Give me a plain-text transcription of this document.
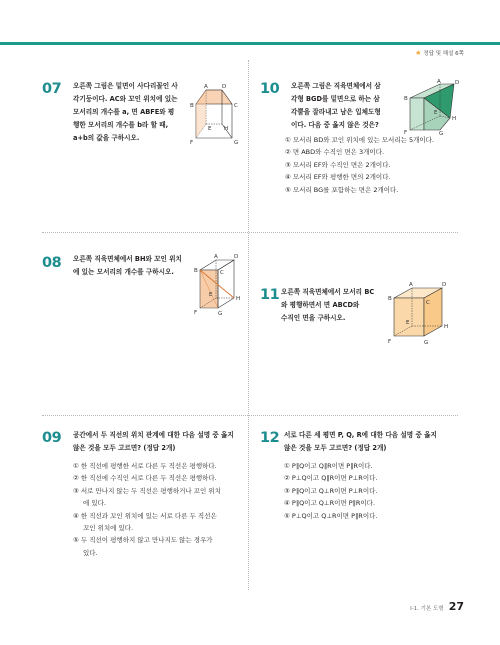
★ 정답 및 해설 6쪽
07 오른쪽 그림은 밑면이 사다리꼴인 사
각기둥이다. AC와 꼬인 위치에 있는
모서리의 개수를 a, 면 ABFE와 평
행한 모서리의 개수를 b라 할 때,
a+b의 값을 구하시오.
A	D
B	C
E H
F	G
10 오른쪽 그림은 직육면체에서 삼
각형 BGD를 밑면으로 하는 삼
각뿔을 잘라내고 남은 입체도형
이다. 다음 중 옳지 않은 것은?
A	D
B
E
H
F	G
① 모서리 BD와 꼬인 위치에 있는 모서리는 5개이다.
② 면 ABD와 수직인 면은 3개이다.
③ 모서리 EF와 수직인 면은 2개이다.
④ 모서리 EF와 평행한 면의 2개이다.
⑤ 모서리 BG를 포함하는 면은 2개이다.
08 오른쪽 직육면체에서 BH와 꼬인 위치
에 있는 모서리의 개수를 구하시오.
A	D
B	C
E
H
F	G
11 오른쪽 직육면체에서 모서리 BC
와 평행하면서 면 ABCD와
수직인 면을 구하시오.
A	D
B
C
E
H
F	G
09 공간에서 두 직선의 위치 관계에 대한 다음 설명 중 옳지
않은 것을 모두 고르면? (정답 2개)
① 한 직선에 평행한 서로 다른 두 직선은 평행하다.
② 한 직선에 수직인 서로 다른 두 직선은 평행하다.
③ 서로 만나지 않는 두 직선은 평행하거나 꼬인 위치
에 있다.
④ 한 직선과 꼬인 위치에 있는 서로 다른 두 직선은
꼬인 위치에 있다.
⑤ 두 직선이 평행하지 않고 만나지도 않는 경우가
있다.
12 서로 다른 세 평면 P, Q, R에 대한 다음 설명 중 옳지
않은 것을 모두 고르면? (정답 2개)
① P∥Q이고 Q∥R이면 P∥R이다.
② P⊥Q이고 Q∥R이면 P⊥R이다.
③ P∥Q이고 Q⊥R이면 P⊥R이다.
④ P∥Q이고 Q⊥R이면 P∥R이다.
⑤ P⊥Q이고 Q⊥R이면 P∥R이다.
Ⅰ-1. 기본 도형 27
